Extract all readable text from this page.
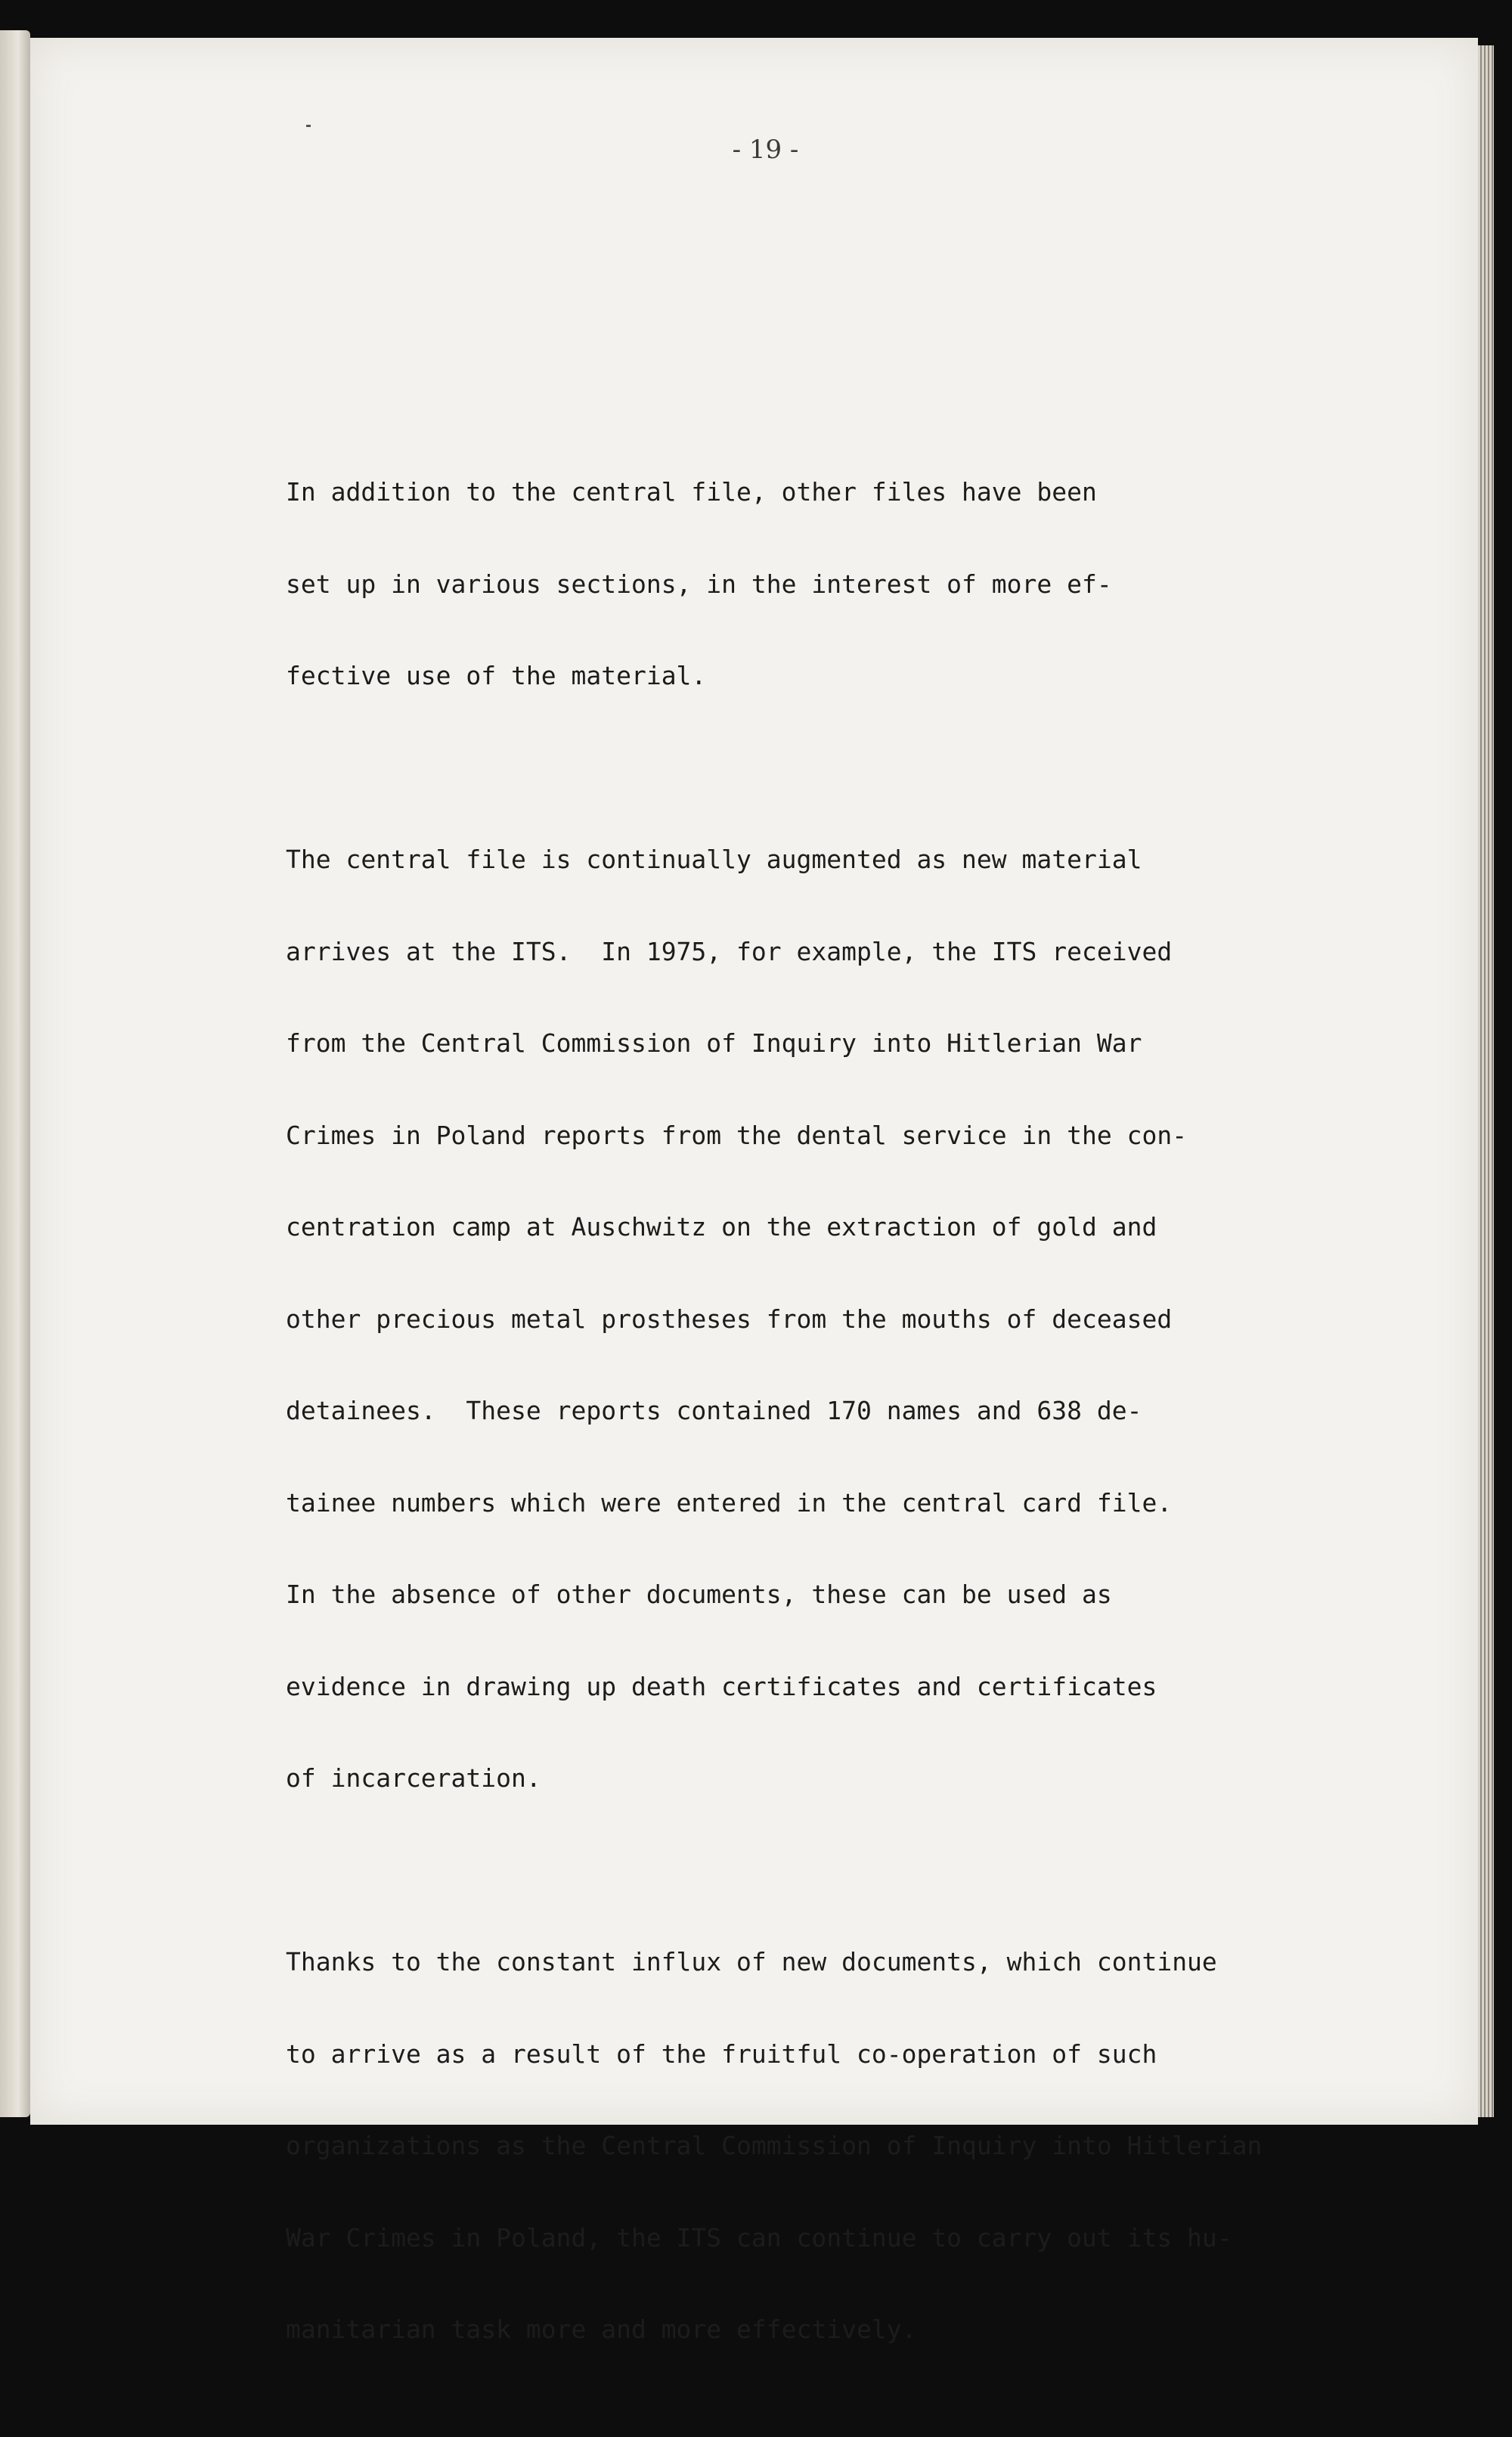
- 19 -

In addition to the central file, other files have been

set up in various sections, in the interest of more ef-

fective use of the material.

The central file is continually augmented as new material

arrives at the ITS.  In 1975, for example, the ITS received

from the Central Commission of Inquiry into Hitlerian War

Crimes in Poland reports from the dental service in the con-

centration camp at Auschwitz on the extraction of gold and

other precious metal prostheses from the mouths of deceased

detainees.  These reports contained 170 names and 638 de-

tainee numbers which were entered in the central card file.

In the absence of other documents, these can be used as

evidence in drawing up death certificates and certificates

of incarceration.

Thanks to the constant influx of new documents, which continue

to arrive as a result of the fruitful co-operation of such

organizations as the Central Commission of Inquiry into Hitlerian

War Crimes in Poland, the ITS can continue to carry out its hu-

manitarian task more and more effectively.
